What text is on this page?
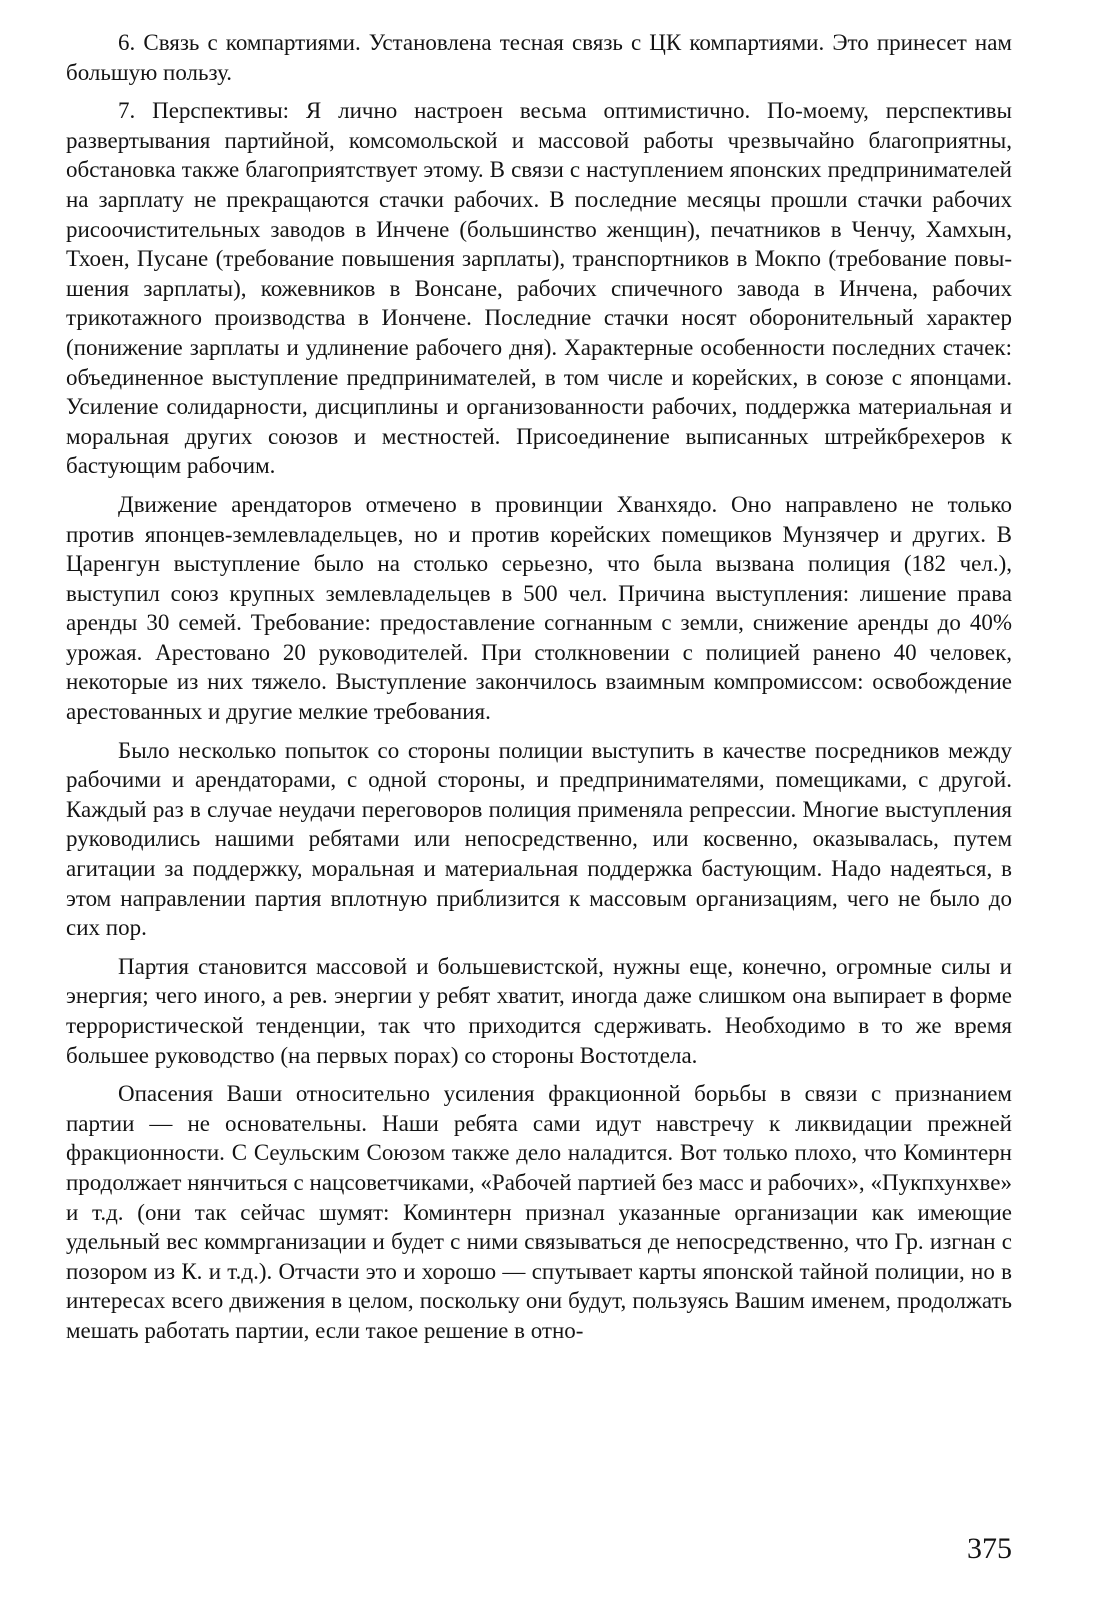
6. Связь с компартиями. Установлена тесная связь с ЦК компартиями. Это принесет нам большую пользу.

7. Перспективы: Я лично настроен весьма оптимистично. По-моему, перспективы развертывания партийной, комсомольской и массовой работы чрезвычайно благоприятны, обстановка также благоприятствует этому. В связи с наступлением японских предпринимателей на зарплату не прекращаются стачки рабочих. В последние месяцы прошли стачки рабочих рисоочистительных заводов в Инчене (большинство женщин), печатников в Ченчу, Хамхын, Тхоен, Пусане (требование повышения зарплаты), транспортников в Мокпо (требование повышения зарплаты), кожевников в Вонсане, рабочих спичечного завода в Инчена, рабочих трикотажного производства в Иончене. Последние стачки носят оборонительный характер (понижение зарплаты и удлинение рабочего дня). Характерные особенности последних стачек: объединенное выступление предпринимателей, в том числе и корейских, в союзе с японцами. Усиление солидарности, дисциплины и организованности рабочих, поддержка материальная и моральная других союзов и местностей. Присоединение выписанных штрейкбрехеров к бастующим рабочим.

Движение арендаторов отмечено в провинции Хванхядо. Оно направлено не только против японцев-землевладельцев, но и против корейских помещиков Мунзячер и других. В Царенгун выступление было на столько серьезно, что была вызвана полиция (182 чел.), выступил союз крупных землевладельцев в 500 чел. Причина выступления: лишение права аренды 30 семей. Требование: предоставление согнанным с земли, снижение аренды до 40% урожая. Арестовано 20 руководителей. При столкновении с полицией ранено 40 человек, некоторые из них тяжело. Выступление закончилось взаимным компромиссом: освобождение арестованных и другие мелкие требования.

Было несколько попыток со стороны полиции выступить в качестве посредников между рабочими и арендаторами, с одной стороны, и предпринимателями, помещиками, с другой. Каждый раз в случае неудачи переговоров полиция применяла репрессии. Многие выступления руководились нашими ребятами или непосредственно, или косвенно, оказывалась, путем агитации за поддержку, моральная и материальная поддержка бастующим. Надо надеяться, в этом направлении партия вплотную приблизится к массовым организациям, чего не было до сих пор.

Партия становится массовой и большевистской, нужны еще, конечно, огромные силы и энергия; чего иного, а рев. энергии у ребят хватит, иногда даже слишком она выпирает в форме террористической тенденции, так что приходится сдерживать. Необходимо в то же время большее руководство (на первых порах) со стороны Востотдела.

Опасения Ваши относительно усиления фракционной борьбы в связи с признанием партии — не основательны. Наши ребята сами идут навстречу к ликвидации прежней фракционности. С Сеульским Союзом также дело наладится. Вот только плохо, что Коминтерн продолжает нянчиться с нацсоветчиками, «Рабочей партией без масс и рабочих», «Пукпхунхве» и т.д. (они так сейчас шумят: Коминтерн признал указанные организации как имеющие удельный вес коммрганизации и будет с ними связываться де непосредственно, что Гр. изгнан с позором из К. и т.д.). Отчасти это и хорошо — спутывает карты японской тайной полиции, но в интересах всего движения в целом, поскольку они будут, пользуясь Вашим именем, продолжать мешать работать партии, если такое решение в отно-

375
